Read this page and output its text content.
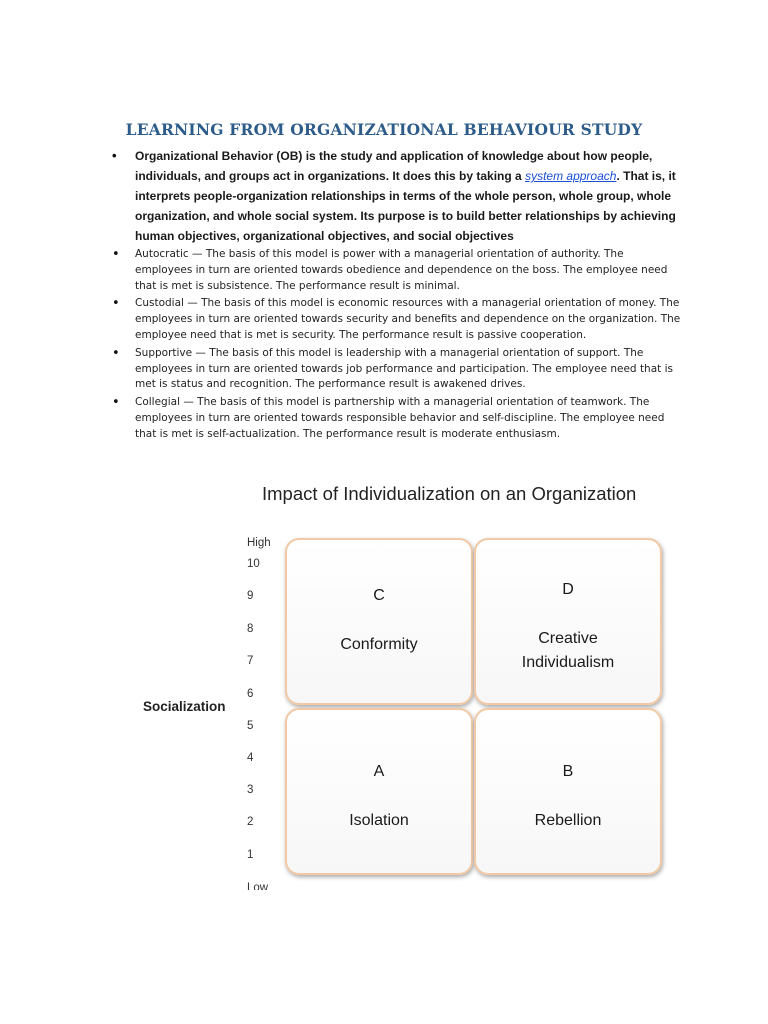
LEARNING FROM ORGANIZATIONAL BEHAVIOUR STUDY
• Organizational Behavior (OB) is the study and application of knowledge about how people, individuals, and groups act in organizations. It does this by taking a system approach. That is, it interprets people-organization relationships in terms of the whole person, whole group, whole organization, and whole social system. Its purpose is to build better relationships by achieving human objectives, organizational objectives, and social objectives
• Autocratic — The basis of this model is power with a managerial orientation of authority. The employees in turn are oriented towards obedience and dependence on the boss. The employee need that is met is subsistence. The performance result is minimal.
• Custodial — The basis of this model is economic resources with a managerial orientation of money. The employees in turn are oriented towards security and benefits and dependence on the organization. The employee need that is met is security. The performance result is passive cooperation.
• Supportive — The basis of this model is leadership with a managerial orientation of support. The employees in turn are oriented towards job performance and participation. The employee need that is met is status and recognition. The performance result is awakened drives.
• Collegial — The basis of this model is partnership with a managerial orientation of teamwork. The employees in turn are oriented towards responsible behavior and self-discipline. The employee need that is met is self-actualization. The performance result is moderate enthusiasm.
Impact of Individualization on an Organization
Socialization
High
10
9
8
7
6
5
4
3
2
1
Low
C
Conformity
D
Creative
Individualism
A
Isolation
B
Rebellion
